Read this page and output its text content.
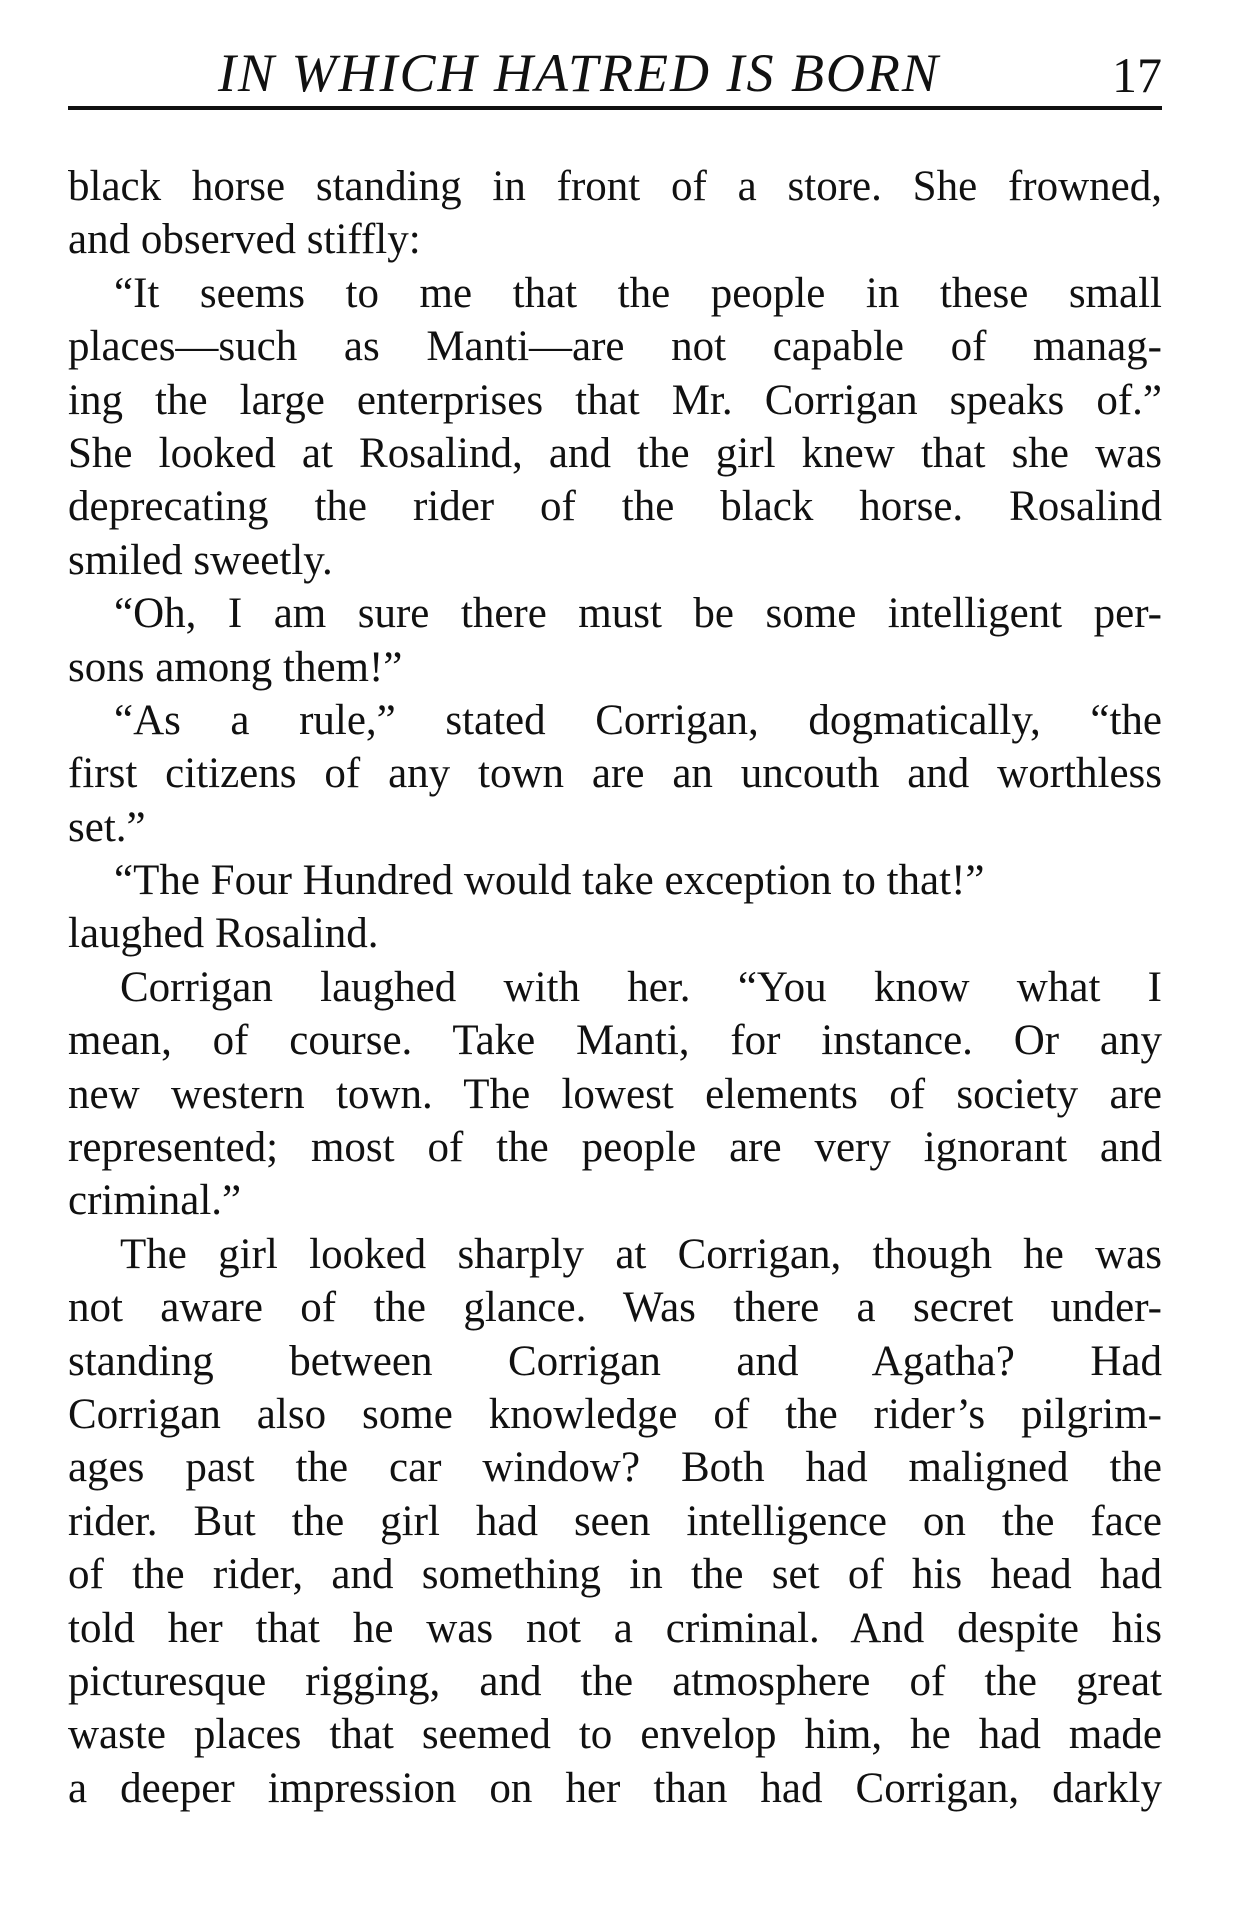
IN WHICH HATRED IS BORN	17
black horse standing in front of a store. She frowned,
and observed stiffly:
“It seems to me that the people in these small
places—such as Manti—are not capable of manag-
ing the large enterprises that Mr. Corrigan speaks of.”
She looked at Rosalind, and the girl knew that she was
deprecating the rider of the black horse. Rosalind
smiled sweetly.
“Oh, I am sure there must be some intelligent per-
sons among them!”
“As a rule,” stated Corrigan, dogmatically, “the
first citizens of any town are an uncouth and worthless
set.”
“The Four Hundred would take exception to that!”
laughed Rosalind.
Corrigan laughed with her. “You know what I
mean, of course. Take Manti, for instance. Or any
new western town. The lowest elements of society are
represented; most of the people are very ignorant and
criminal.”
The girl looked sharply at Corrigan, though he was
not aware of the glance. Was there a secret under-
standing between Corrigan and Agatha? Had
Corrigan also some knowledge of the rider’s pilgrim-
ages past the car window? Both had maligned the
rider. But the girl had seen intelligence on the face
of the rider, and something in the set of his head had
told her that he was not a criminal. And despite his
picturesque rigging, and the atmosphere of the great
waste places that seemed to envelop him, he had made
a deeper impression on her than had Corrigan, darkly
